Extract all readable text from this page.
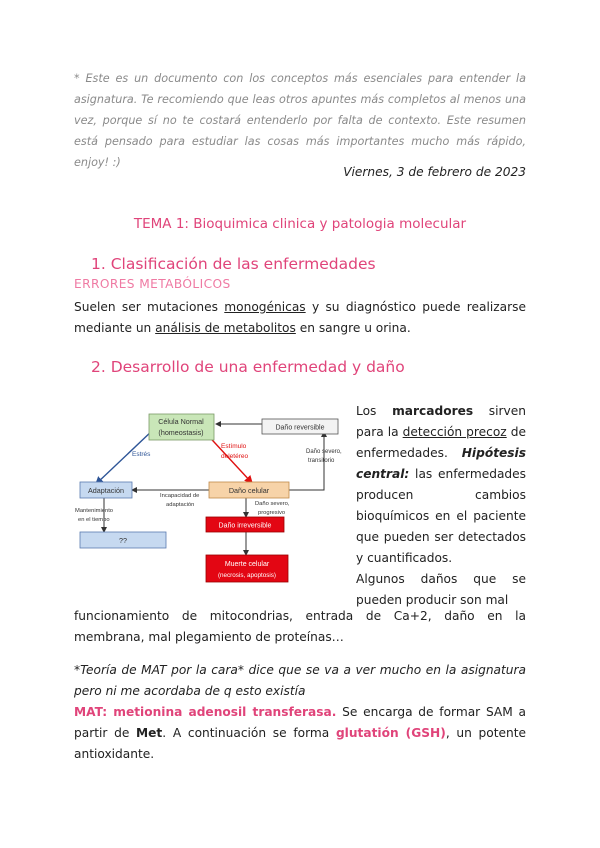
* Este es un documento con los conceptos más esenciales para entender la asignatura. Te recomiendo que leas otros apuntes más completos al menos una vez, porque sí no te costará entenderlo por falta de contexto. Este resumen está pensado para estudiar las cosas más importantes mucho más rápido, enjoy! :)

Viernes, 3 de febrero de 2023

TEMA 1: Bioquimica clinica y patologia molecular
1. Clasificación de las enfermedades

ERRORES METABÓLICOS

Suelen ser mutaciones monogénicas y su diagnóstico puede realizarse mediante un análisis de metabolitos en sangre u orina.

2. Desarrollo de una enfermedad y daño
Célula Normal
(homeostasis)	Daño reversible
Estrés
Estímulo
deletéreo
Daño severo,
transitorio
Adaptación	Daño celular
Incapacidad de
adaptación
Mantenimiento
en el tiempo
Daño severo,
progresivo
??
Daño irreversible
Muerte celular
(necrosis, apoptosis)

Los marcadores sirven para la detección precoz de enfermedades. Hipótesis central: las enfermedades producen cambios bioquímicos en el paciente que pueden ser detectados y cuantificados.
Algunos daños que se pueden producir son mal

funcionamiento de mitocondrias, entrada de Ca+2, daño en la membrana, mal plegamiento de proteínas…

*Teoría de MAT por la cara* dice que se va a ver mucho en la asignatura pero ni me acordaba de q esto existía

MAT: metionina adenosil transferasa. Se encarga de formar SAM a partir de Met. A continuación se forma glutatión (GSH), un potente antioxidante.
